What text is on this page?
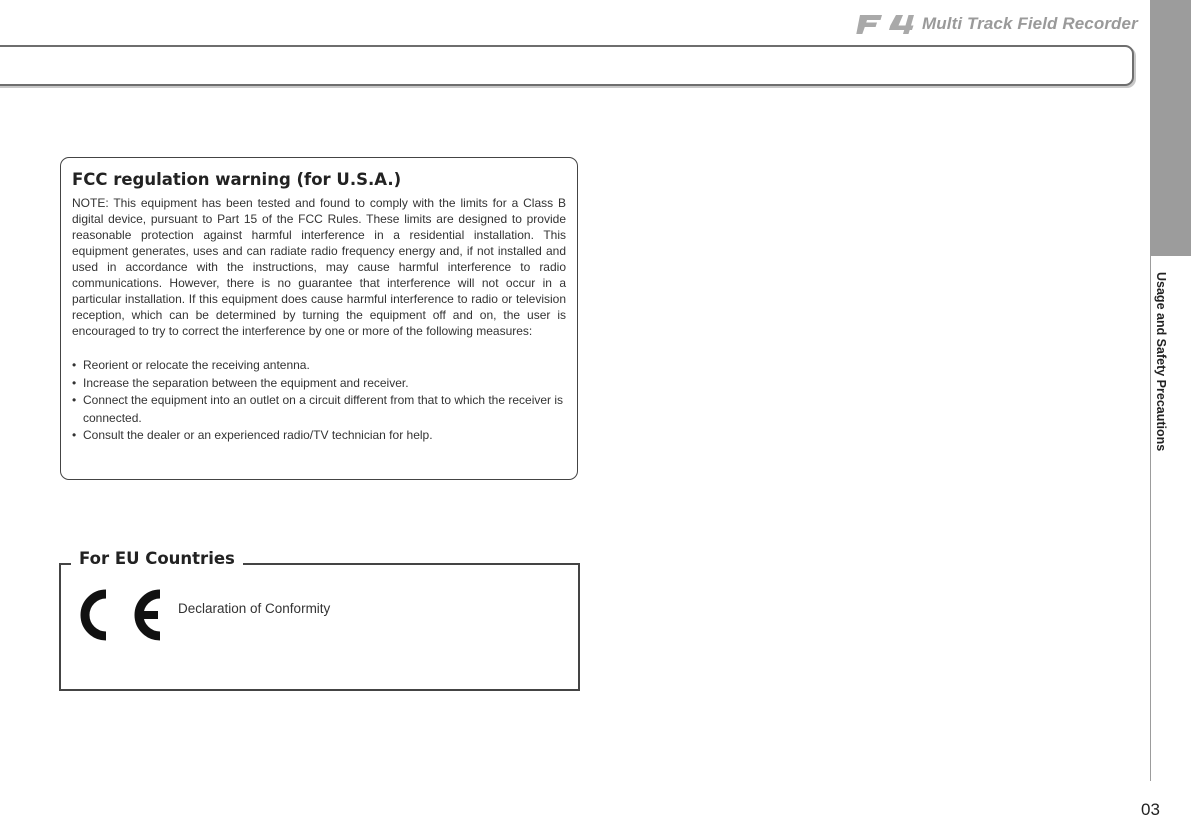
Multi Track Field Recorder
Usage and Safety Precautions
FCC regulation warning (for U.S.A.)

NOTE: This equipment has been tested and found to comply with the limits for a Class B digital device, pursuant to Part 15 of the FCC Rules. These limits are designed to provide reasonable protection against harmful interference in a residential installation. This equipment generates, uses and can radiate radio frequency energy and, if not installed and used in accordance with the instructions, may cause harmful interference to radio communications. However, there is no guarantee that interference will not occur in a particular installation. If this equipment does cause harmful interference to radio or television reception, which can be determined by turning the equipment off and on, the user is encouraged to try to correct the interference by one or more of the following measures:

• Reorient or relocate the receiving antenna.
• Increase the separation between the equipment and receiver.
• Connect the equipment into an outlet on a circuit different from that to which the receiver is connected.
• Consult the dealer or an experienced radio/TV technician for help.
For EU Countries
Declaration of Conformity
03
